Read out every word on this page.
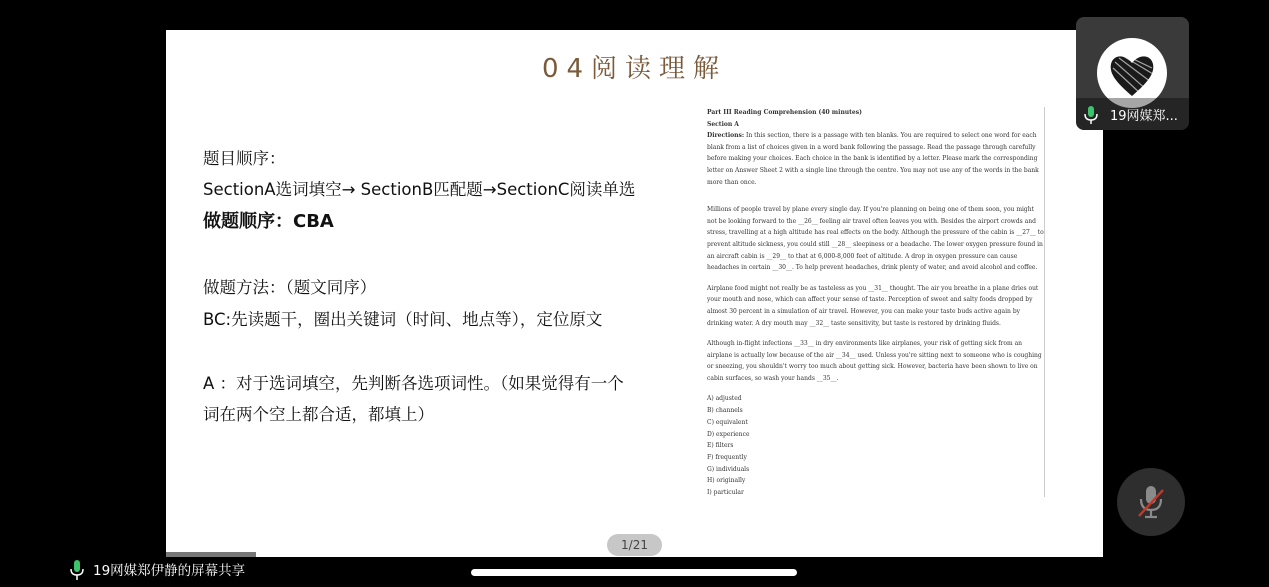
04阅读理解
题目顺序：
SectionA选词填空→ SectionB匹配题→SectionC阅读单选
做题顺序：CBA
做题方法：（题文同序）
BC:先读题干，圈出关键词（时间、地点等），定位原文
A ：对于选词填空，先判断各选项词性。（如果觉得有一个
词在两个空上都合适，都填上）

Part III Reading Comprehension (40 minutes)

Section A

Directions: In this section, there is a passage with ten blanks. You are required to select one word for each blank from a list of choices given in a word bank following the passage. Read the passage through carefully before making your choices. Each choice in the bank is identified by a letter. Please mark the corresponding letter on Answer Sheet 2 with a single line through the centre. You may not use any of the words in the bank more than once.

Millions of people travel by plane every single day. If you're planning on being one of them soon, you might not be looking forward to the __26__ feeling air travel often leaves you with. Besides the airport crowds and stress, travelling at a high altitude has real effects on the body. Although the pressure of the cabin is __27__ to prevent altitude sickness, you could still __28__ sleepiness or a headache. The lower oxygen pressure found in an aircraft cabin is __29__ to that at 6,000-8,000 feet of altitude. A drop in oxygen pressure can cause headaches in certain __30__. To help prevent headaches, drink plenty of water, and avoid alcohol and coffee.

Airplane food might not really be as tasteless as you __31__ thought. The air you breathe in a plane dries out your mouth and nose, which can affect your sense of taste. Perception of sweet and salty foods dropped by almost 30 percent in a simulation of air travel. However, you can make your taste buds active again by drinking water. A dry mouth may __32__ taste sensitivity, but taste is restored by drinking fluids.

Although in-flight infections __33__ in dry environments like airplanes, your risk of getting sick from an airplane is actually low because of the air __34__ used. Unless you're sitting next to someone who is coughing or sneezing, you shouldn't worry too much about getting sick. However, bacteria have been shown to live on cabin surfaces, so wash your hands __35__.

A) adjusted

B) channels

C) equivalent

D) experience

E) filters

F) frequently

G) individuals

H) originally

I) particular

1/21
19网媒郑...
19网媒郑伊静的屏幕共享
